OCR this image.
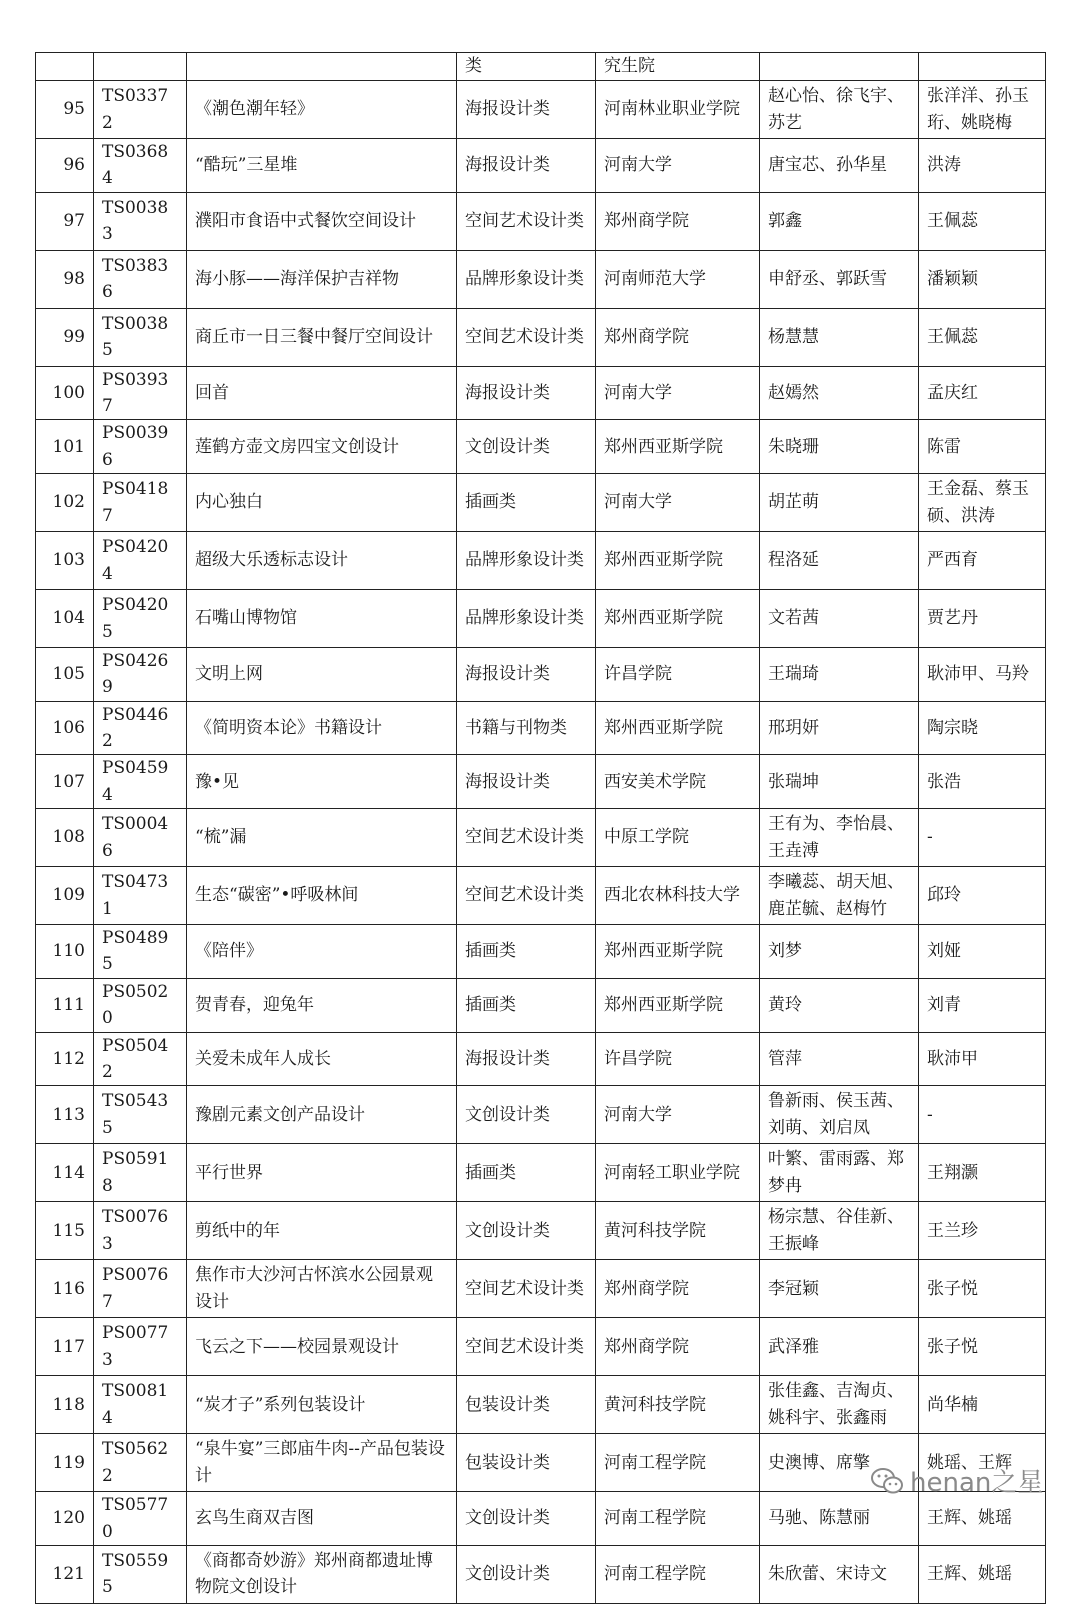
			类	究生院		
95	TS03372	《潮色潮年轻》	海报设计类	河南林业职业学院	赵心怡、徐飞宇、苏艺	张洋洋、孙玉珩、姚晓梅
96	TS03684	“酷玩”三星堆	海报设计类	河南大学	唐宝芯、孙华星	洪涛
97	TS00383	濮阳市食语中式餐饮空间设计	空间艺术设计类	郑州商学院	郭鑫	王佩蕊
98	TS03836	海小豚——海洋保护吉祥物	品牌形象设计类	河南师范大学	申舒丞、郭跃雪	潘颖颖
99	TS00385	商丘市一日三餐中餐厅空间设计	空间艺术设计类	郑州商学院	杨慧慧	王佩蕊
100	PS03937	回首	海报设计类	河南大学	赵嫣然	孟庆红
101	PS00396	莲鹤方壶文房四宝文创设计	文创设计类	郑州西亚斯学院	朱晓珊	陈雷
102	PS04187	内心独白	插画类	河南大学	胡芷萌	王金磊、蔡玉硕、洪涛
103	PS04204	超级大乐透标志设计	品牌形象设计类	郑州西亚斯学院	程洛延	严西育
104	PS04205	石嘴山博物馆	品牌形象设计类	郑州西亚斯学院	文若茜	贾艺丹
105	PS04269	文明上网	海报设计类	许昌学院	王瑞琦	耿沛甲、马羚
106	PS04462	《简明资本论》书籍设计	书籍与刊物类	郑州西亚斯学院	邢玥妍	陶宗晓
107	PS04594	豫•见	海报设计类	西安美术学院	张瑞坤	张浩
108	TS00046	“梳”漏	空间艺术设计类	中原工学院	王有为、李怡晨、王垚溥	-
109	TS04731	生态“碳密”•呼吸林间	空间艺术设计类	西北农林科技大学	李曦蕊、胡天旭、鹿芷毓、赵梅竹	邱玲
110	PS04895	《陪伴》	插画类	郑州西亚斯学院	刘梦	刘娅
111	PS05020	贺青春，迎兔年	插画类	郑州西亚斯学院	黄玲	刘青
112	PS05042	关爱未成年人成长	海报设计类	许昌学院	管萍	耿沛甲
113	TS05435	豫剧元素文创产品设计	文创设计类	河南大学	鲁新雨、侯玉茜、刘萌、刘启凤	-
114	PS05918	平行世界	插画类	河南轻工职业学院	叶繁、雷雨露、郑梦冉	王翔灏
115	TS00763	剪纸中的年	文创设计类	黄河科技学院	杨宗慧、谷佳新、王振峰	王兰珍
116	PS00767	焦作市大沙河古怀滨水公园景观设计	空间艺术设计类	郑州商学院	李冠颖	张子悦
117	PS00773	飞云之下——校园景观设计	空间艺术设计类	郑州商学院	武泽雅	张子悦
118	TS00814	“炭才子”系列包装设计	包装设计类	黄河科技学院	张佳鑫、吉淘贞、姚科宇、张鑫雨	尚华楠
119	TS05622	“泉牛宴”三郎庙牛肉--产品包装设计	包装设计类	河南工程学院	史澳博、席擎	姚瑶、王辉
120	TS05770	玄鸟生商双吉图	文创设计类	河南工程学院	马驰、陈慧丽	王辉、姚瑶
121	TS05595	《商都奇妙游》郑州商都遗址博物院文创设计	文创设计类	河南工程学院	朱欣蕾、宋诗文	王辉、姚瑶
henan之星
